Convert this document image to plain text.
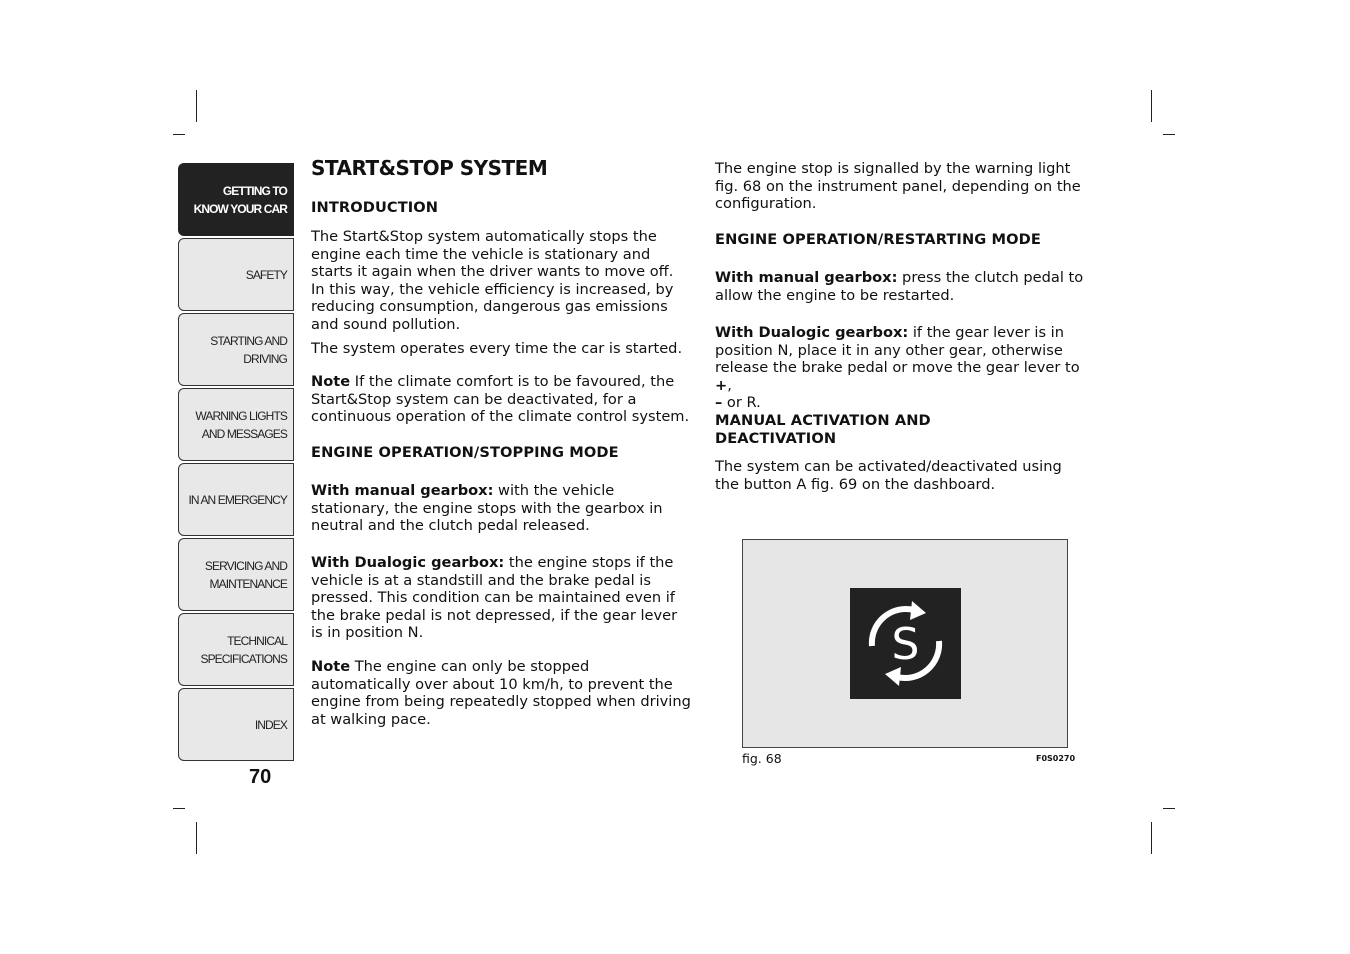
GETTING TO
KNOW YOUR CAR
SAFETY
STARTING AND
DRIVING
WARNING LIGHTS
AND MESSAGES
IN AN EMERGENCY
SERVICING AND
MAINTENANCE
TECHNICAL
SPECIFICATIONS
INDEX
70
START&STOP SYSTEM
INTRODUCTION

The Start&Stop system automatically stops the engine each time the vehicle is stationary and starts it again when the driver wants to move off. In this way, the vehicle efficiency is increased, by reducing consumption, dangerous gas emissions and sound pollution.

The system operates every time the car is started.

Note If the climate comfort is to be favoured, the Start&Stop system can be deactivated, for a continuous operation of the climate control system.

ENGINE OPERATION/STOPPING MODE

With manual gearbox: with the vehicle stationary, the engine stops with the gearbox in neutral and the clutch pedal released.

With Dualogic gearbox: the engine stops if the vehicle is at a standstill and the brake pedal is pressed. This condition can be maintained even if the brake pedal is not depressed, if the gear lever is in position N.

Note The engine can only be stopped automatically over about 10 km/h, to prevent the engine from being repeatedly stopped when driving at walking pace.

The engine stop is signalled by the warning light fig. 68 on the instrument panel, depending on the configuration.

ENGINE OPERATION/RESTARTING MODE

With manual gearbox: press the clutch pedal to allow the engine to be restarted.

With Dualogic gearbox: if the gear lever is in position N, place it in any other gear, otherwise release the brake pedal or move the gear lever to +,
– or R.

MANUAL ACTIVATION AND
DEACTIVATION

The system can be activated/deactivated using the button A fig. 69 on the dashboard.

S
fig. 68	F0S0270
